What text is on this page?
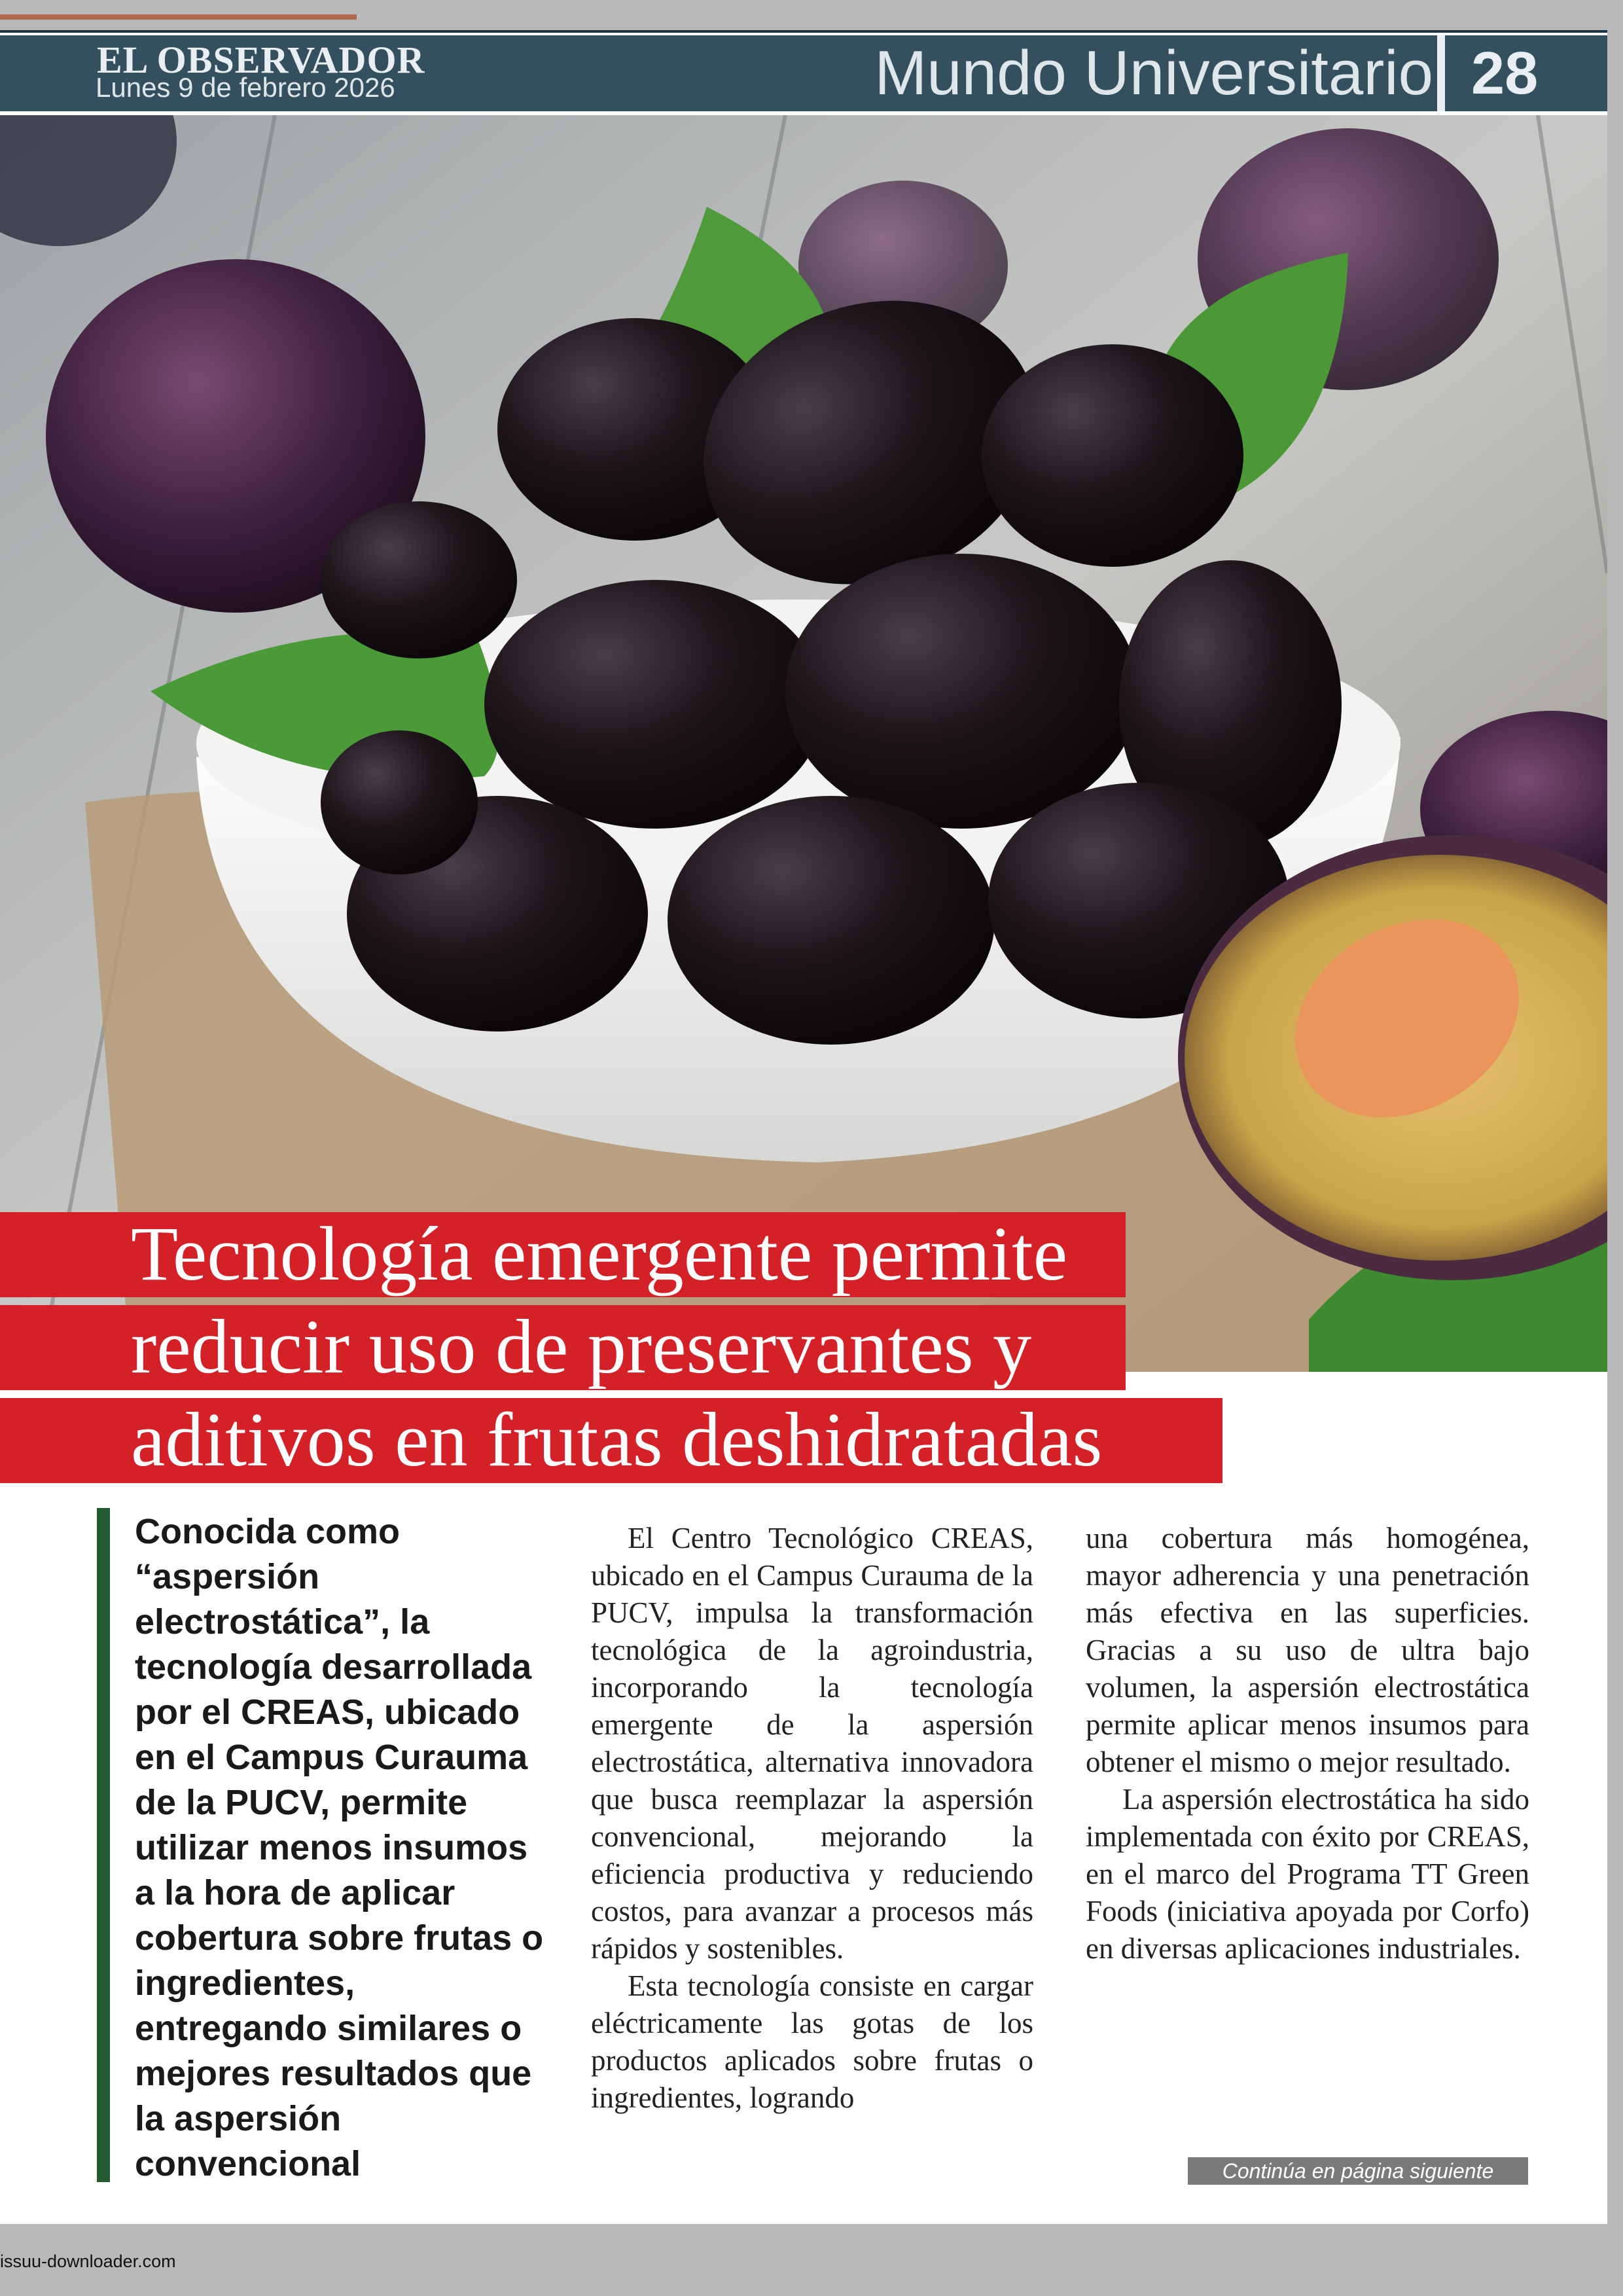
EL OBSERVADOR
Lunes 9 de febrero 2026	Mundo Universitario 28
Tecnología emergente permite
reducir uso de preservantes y
aditivos en frutas deshidratadas
Conocida como “aspersión electrostática”, la tecnología desarrollada por el CREAS, ubicado en el Campus Curauma de la PUCV, permite utilizar menos insumos a la hora de aplicar cobertura sobre frutas o ingredientes, entregando similares o mejores resultados que la aspersión convencional

El Centro Tecnológico CREAS, ubicado en el Campus Curauma de la PUCV, impulsa la transformación tecnológica de la agroindustria, incorporando la tecnología emergente de la aspersión electrostática, alternativa innovadora que busca reemplazar la aspersión convencional, mejorando la eficiencia productiva y reduciendo costos, para avanzar a procesos más rápidos y sostenibles.

Esta tecnología consiste en cargar eléctricamente las gotas de los productos aplicados sobre frutas o ingredientes, logrando

una cobertura más homogénea, mayor adherencia y una penetración más efectiva en las superficies. Gracias a su uso de ultra bajo volumen, la aspersión electrostática permite aplicar menos insumos para obtener el mismo o mejor resultado.

La aspersión electrostática ha sido implementada con éxito por CREAS, en el marco del Programa TT Green Foods (iniciativa apoyada por Corfo) en diversas aplicaciones industriales.

Continúa en página siguiente
issuu-downloader.com
